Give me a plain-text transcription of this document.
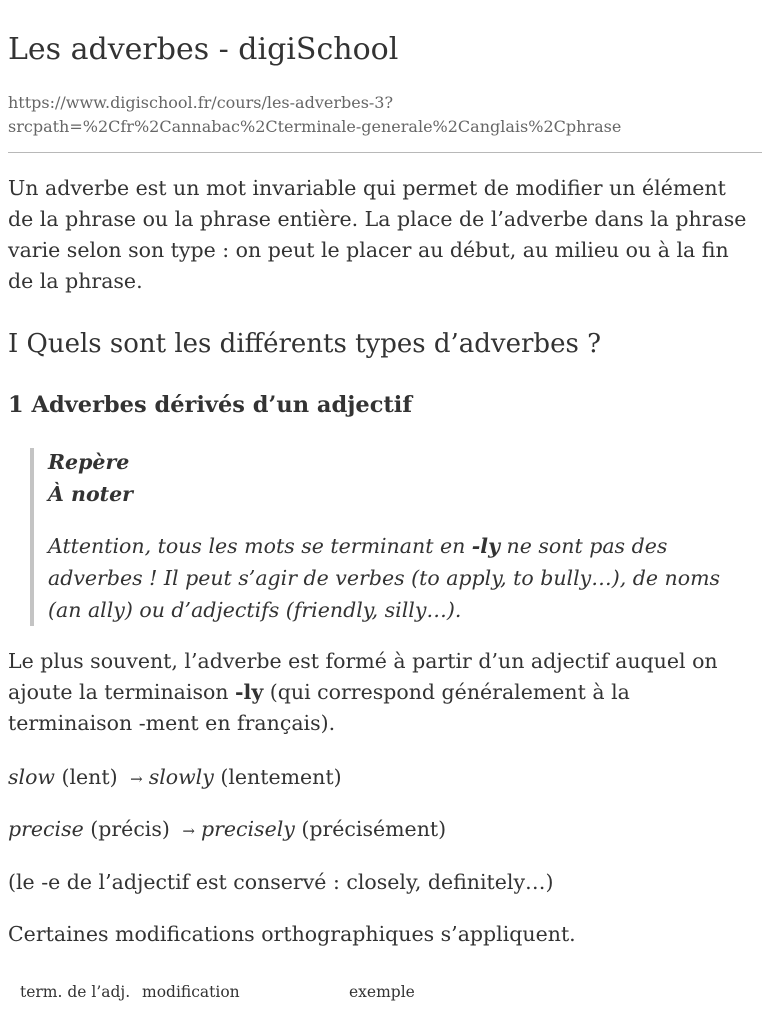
Les adverbes - digiSchool

https://www.digischool.fr/cours/les-adverbes-3?
srcpath=%2Cfr%2Cannabac%2Cterminale-generale%2Canglais%2Cphrase

Un adverbe est un mot invariable qui permet de modifier un élément
de la phrase ou la phrase entière. La place de l’adverbe dans la phrase
varie selon son type : on peut le placer au début, au milieu ou à la fin
de la phrase.

I Quels sont les différents types d’adverbes ?
1 Adverbes dérivés d’un adjectif

Repère

À noter

Attention, tous les mots se terminant en -ly ne sont pas des
adverbes ! Il peut s’agir de verbes (to apply, to bully…), de noms
(an ally) ou d’adjectifs (friendly, silly…).

Le plus souvent, l’adverbe est formé à partir d’un adjectif auquel on
ajoute la terminaison -ly (qui correspond généralement à la
terminaison -ment en français).

slow (lent) → slowly (lentement)

precise (précis) → precisely (précisément)

(le -e de l’adjectif est conservé : closely, definitely…)

Certaines modifications orthographiques s’appliquent.

term. de l’adj. modification	exemple
